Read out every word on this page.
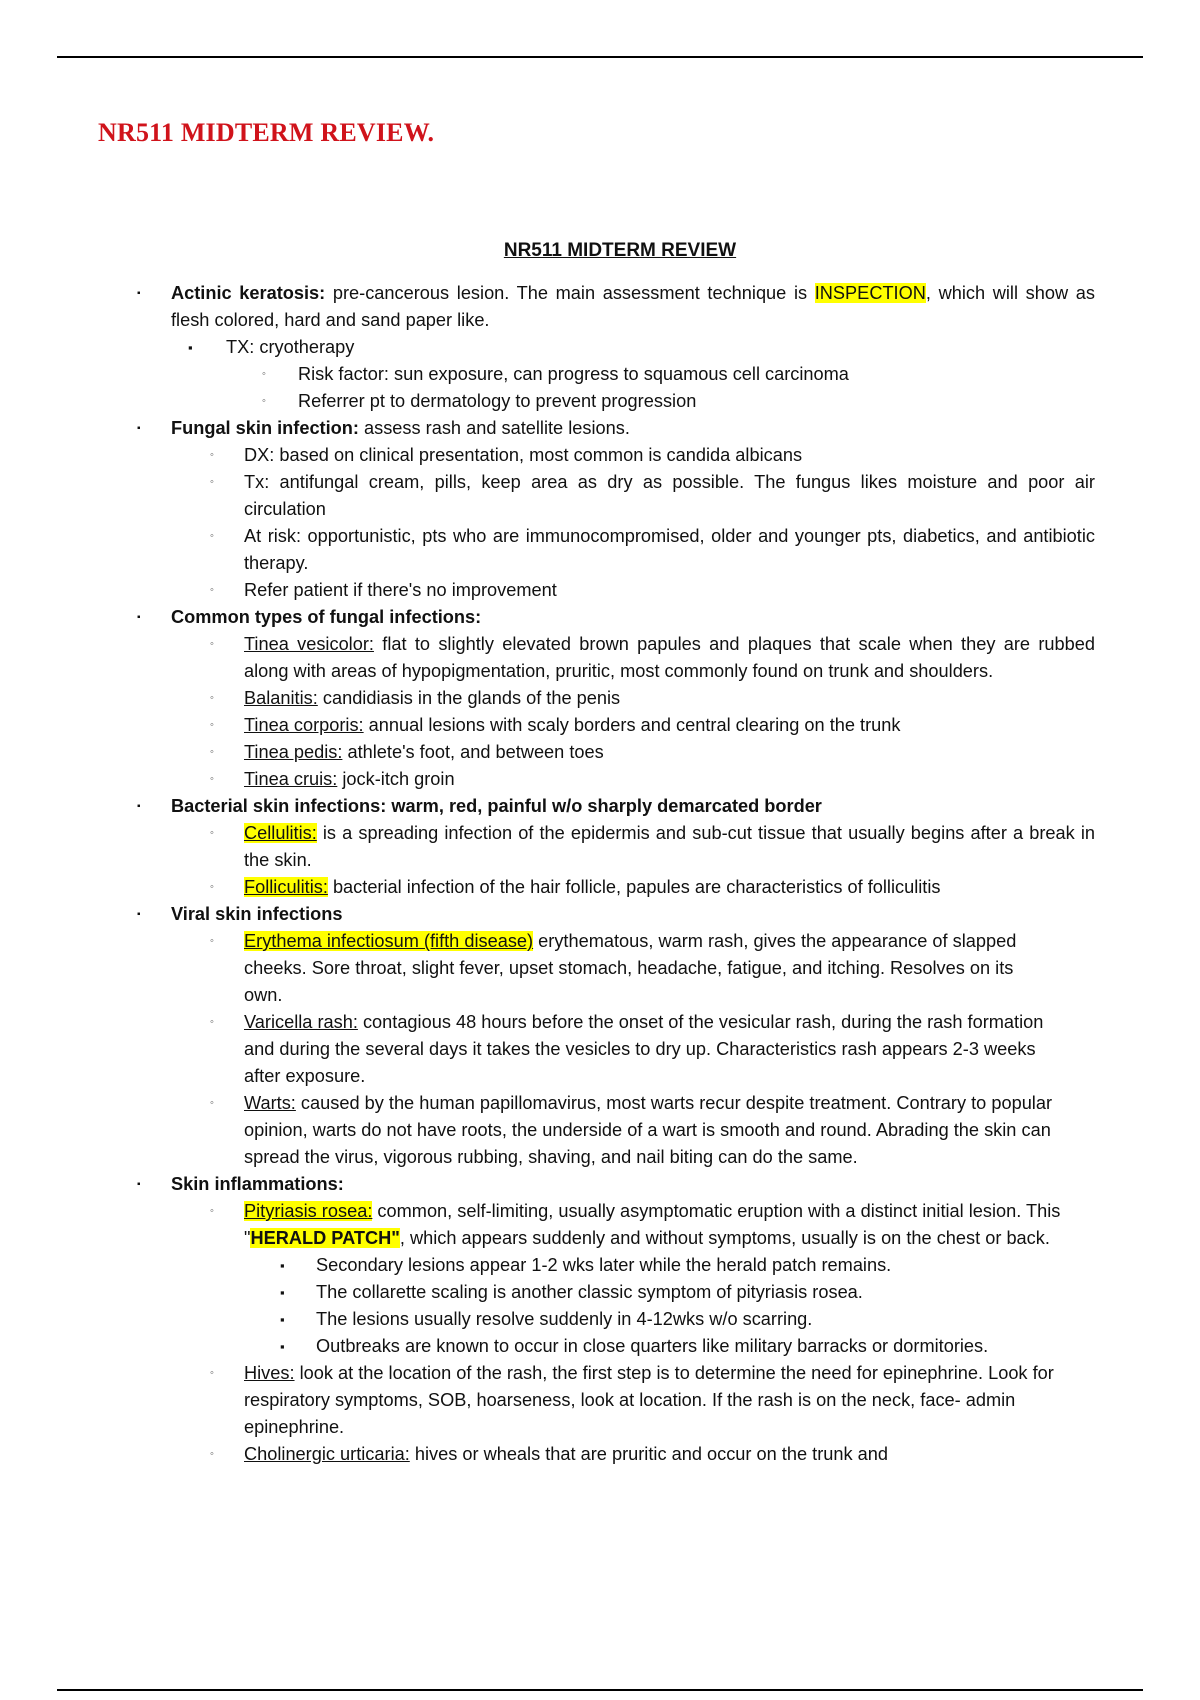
NR511 MIDTERM REVIEW.
NR511 MIDTERM REVIEW
▪ Actinic keratosis: pre-cancerous lesion. The main assessment technique is INSPECTION, which will show as flesh colored, hard and sand paper like.
▪ TX: cryotherapy
◦ Risk factor: sun exposure, can progress to squamous cell carcinoma
◦ Referrer pt to dermatology to prevent progression
▪ Fungal skin infection: assess rash and satellite lesions.
◦ DX: based on clinical presentation, most common is candida albicans
◦ Tx: antifungal cream, pills, keep area as dry as possible. The fungus likes moisture and poor air circulation
◦ At risk: opportunistic, pts who are immunocompromised, older and younger pts, diabetics, and antibiotic therapy.
◦ Refer patient if there's no improvement
▪ Common types of fungal infections:
◦ Tinea vesicolor: flat to slightly elevated brown papules and plaques that scale when they are rubbed along with areas of hypopigmentation, pruritic, most commonly found on trunk and shoulders.
◦ Balanitis: candidiasis in the glands of the penis
◦ Tinea corporis: annual lesions with scaly borders and central clearing on the trunk
◦ Tinea pedis: athlete's foot, and between toes
◦ Tinea cruis: jock-itch groin
▪ Bacterial skin infections: warm, red, painful w/o sharply demarcated border
◦ Cellulitis: is a spreading infection of the epidermis and sub-cut tissue that usually begins after a break in the skin.
◦ Folliculitis: bacterial infection of the hair follicle, papules are characteristics of folliculitis
▪ Viral skin infections
◦ Erythema infectiosum (fifth disease) erythematous, warm rash, gives the appearance of slapped cheeks. Sore throat, slight fever, upset stomach, headache, fatigue, and itching. Resolves on its own.
◦ Varicella rash: contagious 48 hours before the onset of the vesicular rash, during the rash formation and during the several days it takes the vesicles to dry up. Characteristics rash appears 2-3 weeks after exposure.
◦ Warts: caused by the human papillomavirus, most warts recur despite treatment. Contrary to popular opinion, warts do not have roots, the underside of a wart is smooth and round. Abrading the skin can spread the virus, vigorous rubbing, shaving, and nail biting can do the same.
▪ Skin inflammations:
◦ Pityriasis rosea: common, self-limiting, usually asymptomatic eruption with a distinct initial lesion. This "HERALD PATCH", which appears suddenly and without symptoms, usually is on the chest or back.
▪ Secondary lesions appear 1-2 wks later while the herald patch remains.
▪ The collarette scaling is another classic symptom of pityriasis rosea.
▪ The lesions usually resolve suddenly in 4-12wks w/o scarring.
▪ Outbreaks are known to occur in close quarters like military barracks or dormitories.
◦ Hives: look at the location of the rash, the first step is to determine the need for epinephrine. Look for respiratory symptoms, SOB, hoarseness, look at location. If the rash is on the neck, face- admin epinephrine.
◦ Cholinergic urticaria: hives or wheals that are pruritic and occur on the trunk and
